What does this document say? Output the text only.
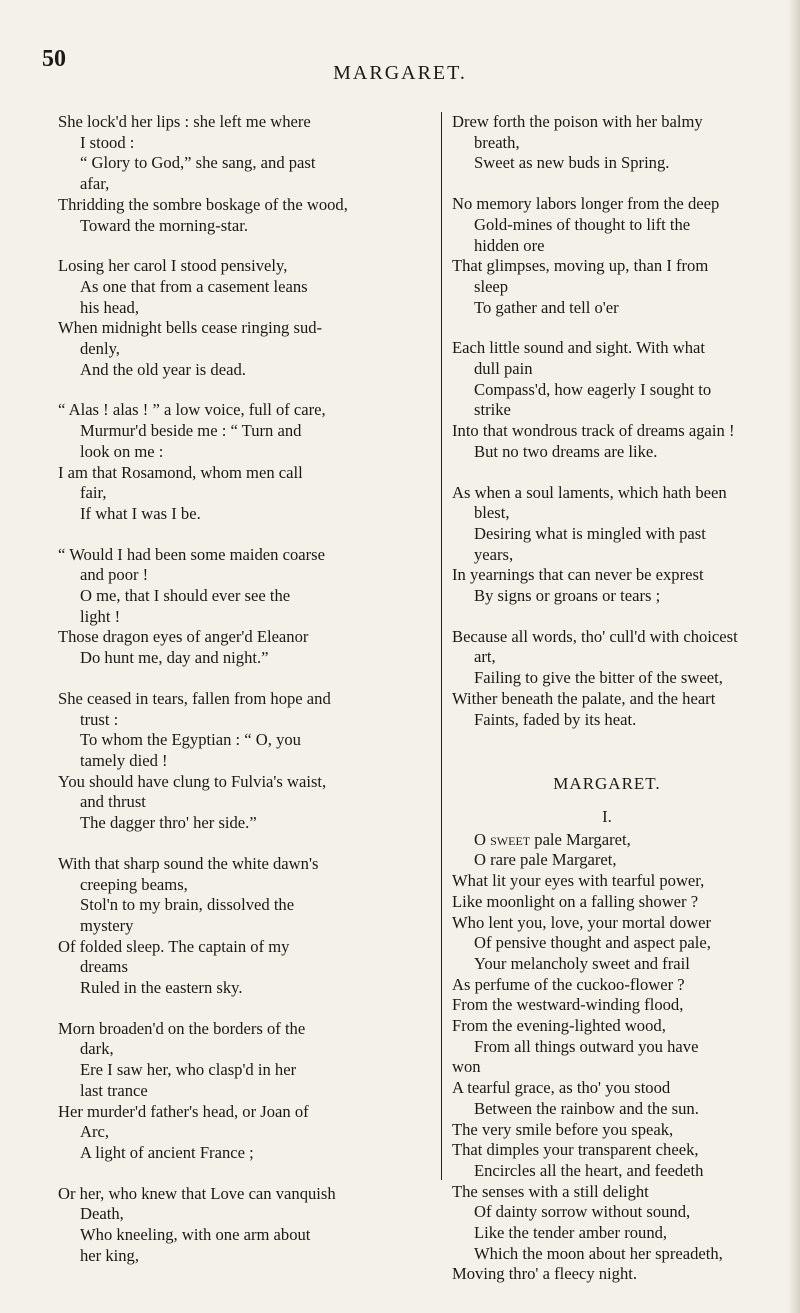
50
MARGARET.
She lock'd her lips : she left me where
I stood :
“ Glory to God,” she sang, and past
afar,
Thridding the sombre boskage of the wood,
Toward the morning-star.
Losing her carol I stood pensively,
As one that from a casement leans
his head,
When midnight bells cease ringing sud-
denly,
And the old year is dead.
“ Alas ! alas ! ” a low voice, full of care,
Murmur'd beside me : “ Turn and
look on me :
I am that Rosamond, whom men call
fair,
If what I was I be.
“ Would I had been some maiden coarse
and poor !
O me, that I should ever see the
light !
Those dragon eyes of anger'd Eleanor
Do hunt me, day and night.”
She ceased in tears, fallen from hope and
trust :
To whom the Egyptian : “ O, you
tamely died !
You should have clung to Fulvia's waist,
and thrust
The dagger thro' her side.”
With that sharp sound the white dawn's
creeping beams,
Stol'n to my brain, dissolved the
mystery
Of folded sleep. The captain of my
dreams
Ruled in the eastern sky.
Morn broaden'd on the borders of the
dark,
Ere I saw her, who clasp'd in her
last trance
Her murder'd father's head, or Joan of
Arc,
A light of ancient France ;
Or her, who knew that Love can vanquish
Death,
Who kneeling, with one arm about
her king,
Drew forth the poison with her balmy
breath,
Sweet as new buds in Spring.
No memory labors longer from the deep
Gold-mines of thought to lift the
hidden ore
That glimpses, moving up, than I from
sleep
To gather and tell o'er
Each little sound and sight. With what
dull pain
Compass'd, how eagerly I sought to
strike
Into that wondrous track of dreams again !
But no two dreams are like.
As when a soul laments, which hath been
blest,
Desiring what is mingled with past
years,
In yearnings that can never be exprest
By signs or groans or tears ;
Because all words, tho' cull'd with choicest
art,
Failing to give the bitter of the sweet,
Wither beneath the palate, and the heart
Faints, faded by its heat.
MARGARET.
I.
O sweet pale Margaret,
O rare pale Margaret,
What lit your eyes with tearful power,
Like moonlight on a falling shower ?
Who lent you, love, your mortal dower
Of pensive thought and aspect pale,
Your melancholy sweet and frail
As perfume of the cuckoo-flower ?
From the westward-winding flood,
From the evening-lighted wood,
From all things outward you have
won
A tearful grace, as tho' you stood
Between the rainbow and the sun.
The very smile before you speak,
That dimples your transparent cheek,
Encircles all the heart, and feedeth
The senses with a still delight
Of dainty sorrow without sound,
Like the tender amber round,
Which the moon about her spreadeth,
Moving thro' a fleecy night.
